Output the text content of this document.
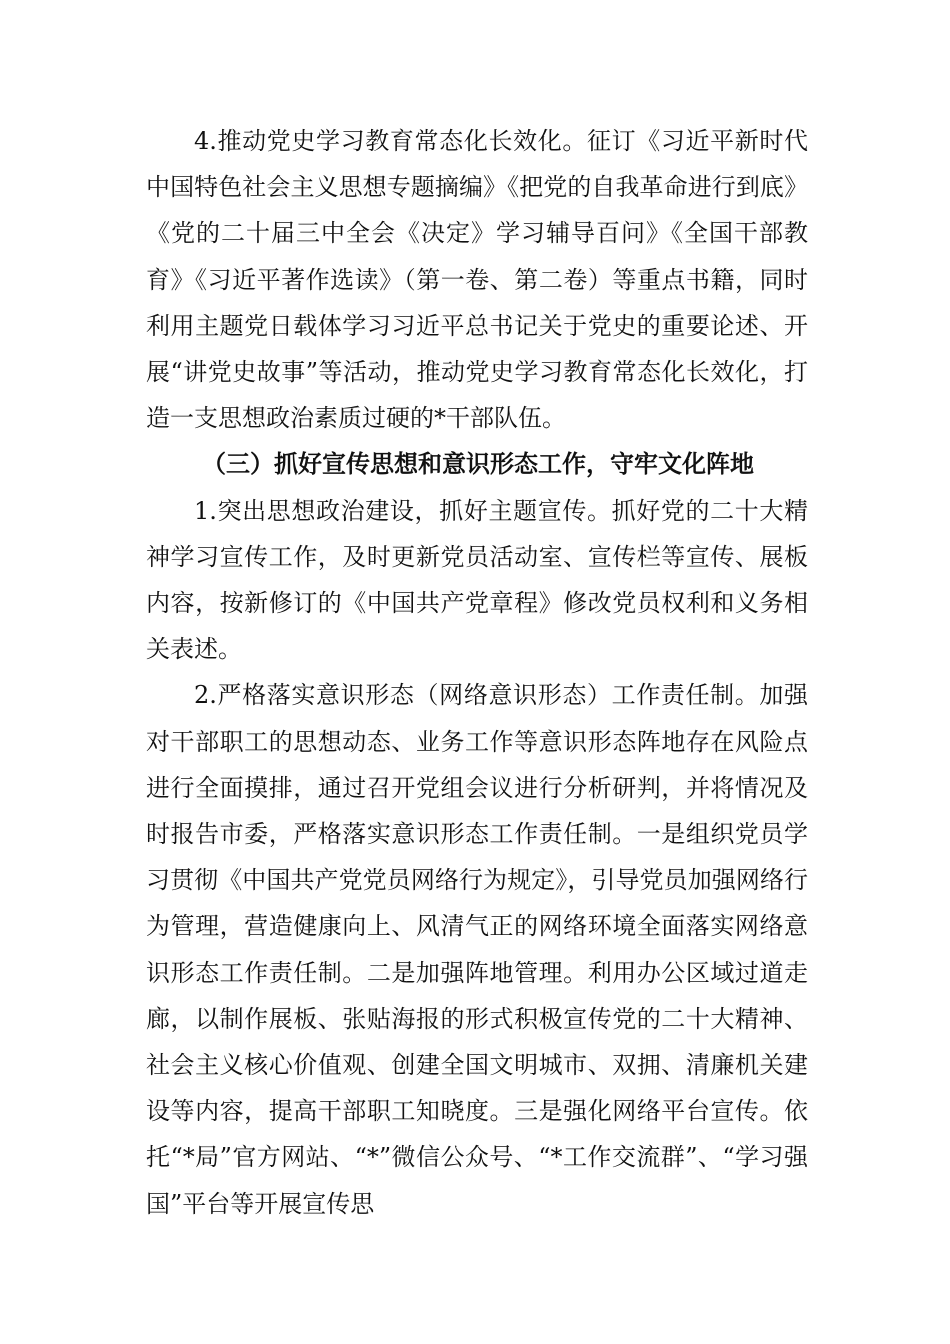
4.推动党史学习教育常态化长效化。征订《习近平新时代中国特色社会主义思想专题摘编》《把党的自我革命进行到底》《党的二十届三中全会《决定》学习辅导百问》《全国干部教育》《习近平著作选读》（第一卷、第二卷）等重点书籍，同时利用主题党日载体学习习近平总书记关于党史的重要论述、开展“讲党史故事”等活动，推动党史学习教育常态化长效化，打造一支思想政治素质过硬的*干部队伍。

（三）抓好宣传思想和意识形态工作，守牢文化阵地

1.突出思想政治建设，抓好主题宣传。抓好党的二十大精神学习宣传工作，及时更新党员活动室、宣传栏等宣传、展板内容，按新修订的《中国共产党章程》修改党员权利和义务相关表述。

2.严格落实意识形态（网络意识形态）工作责任制。加强对干部职工的思想动态、业务工作等意识形态阵地存在风险点进行全面摸排，通过召开党组会议进行分析研判，并将情况及时报告市委，严格落实意识形态工作责任制。一是组织党员学习贯彻《中国共产党党员网络行为规定》，引导党员加强网络行为管理，营造健康向上、风清气正的网络环境全面落实网络意识形态工作责任制。二是加强阵地管理。利用办公区域过道走廊，以制作展板、张贴海报的形式积极宣传党的二十大精神、社会主义核心价值观、创建全国文明城市、双拥、清廉机关建设等内容，提高干部职工知晓度。三是强化网络平台宣传。依托“*局”官方网站、“*”微信公众号、“*工作交流群”、“学习强国”平台等开展宣传思
